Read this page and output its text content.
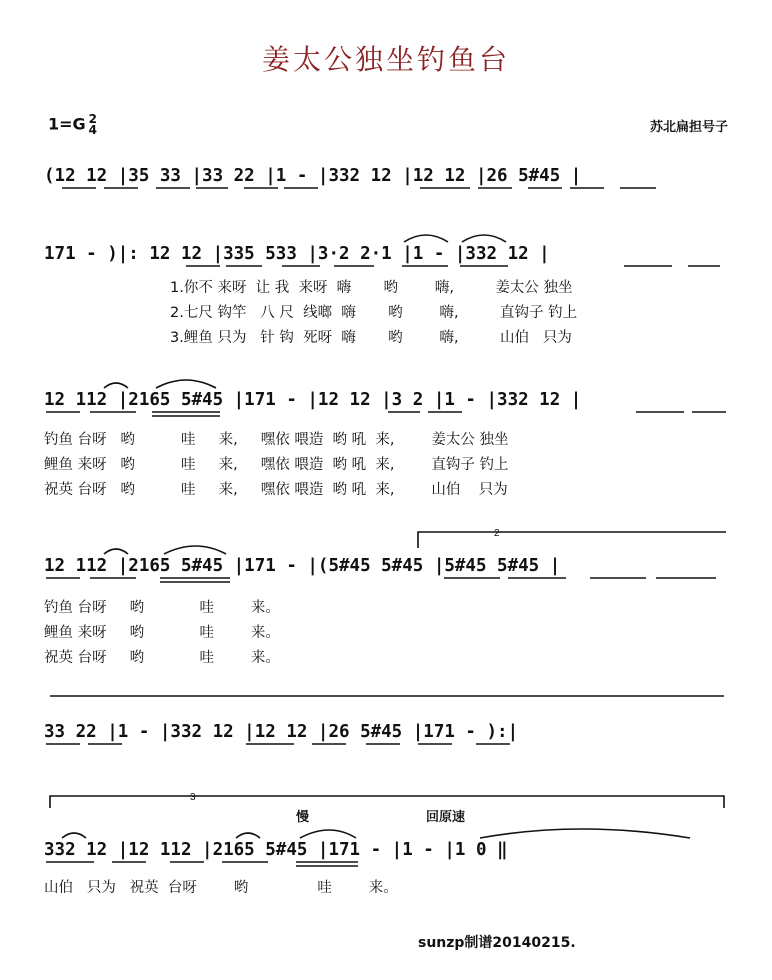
姜太公独坐钓鱼台
1=G 2
4	苏北扁担号子
(12 12 |35 33 |33 22 |1 - |332 12 |12 12 |26 5#45 |
171 - )|: 12 12 |335 533 |3·2 2·1 |1 - |332 12 |
1.你不 来呀  让 我  来呀  嗨       哟        嗨,         姜太公 独坐
2.七尺 钩竿   八 尺  线啷  嗨       哟        嗨,         直钩子 钓上
3.鲤鱼 只为   针 钩  死呀  嗨       哟        嗨,         山伯   只为
12 112 |2165 5#45 |171 - |12 12 |3 2 |1 - |332 12 |
钓鱼 台呀   哟          哇     来,     嘿依 喂造  哟 吼  来,        姜太公 独坐
鲤鱼 来呀   哟          哇     来,     嘿依 喂造  哟 吼  来,        直钩子 钓上
祝英 台呀   哟          哇     来,     嘿依 喂造  哟 吼  来,        山伯    只为
12 112 |2165 5#45 |171 - |(5#45 5#45 |5#45 5#45 |
钓鱼 台呀     哟            哇        来。
鲤鱼 来呀     哟            哇        来。
祝英 台呀     哟            哇        来。
33 22 |1 - |332 12 |12 12 |26 5#45 |171 - ):|
慢	回原速
332 12 |12 112 |2165 5#45 |171 - |1 - |1 0 ‖
山伯   只为   祝英  台呀        哟               哇        来。
sunzp制谱20140215.
2
3
